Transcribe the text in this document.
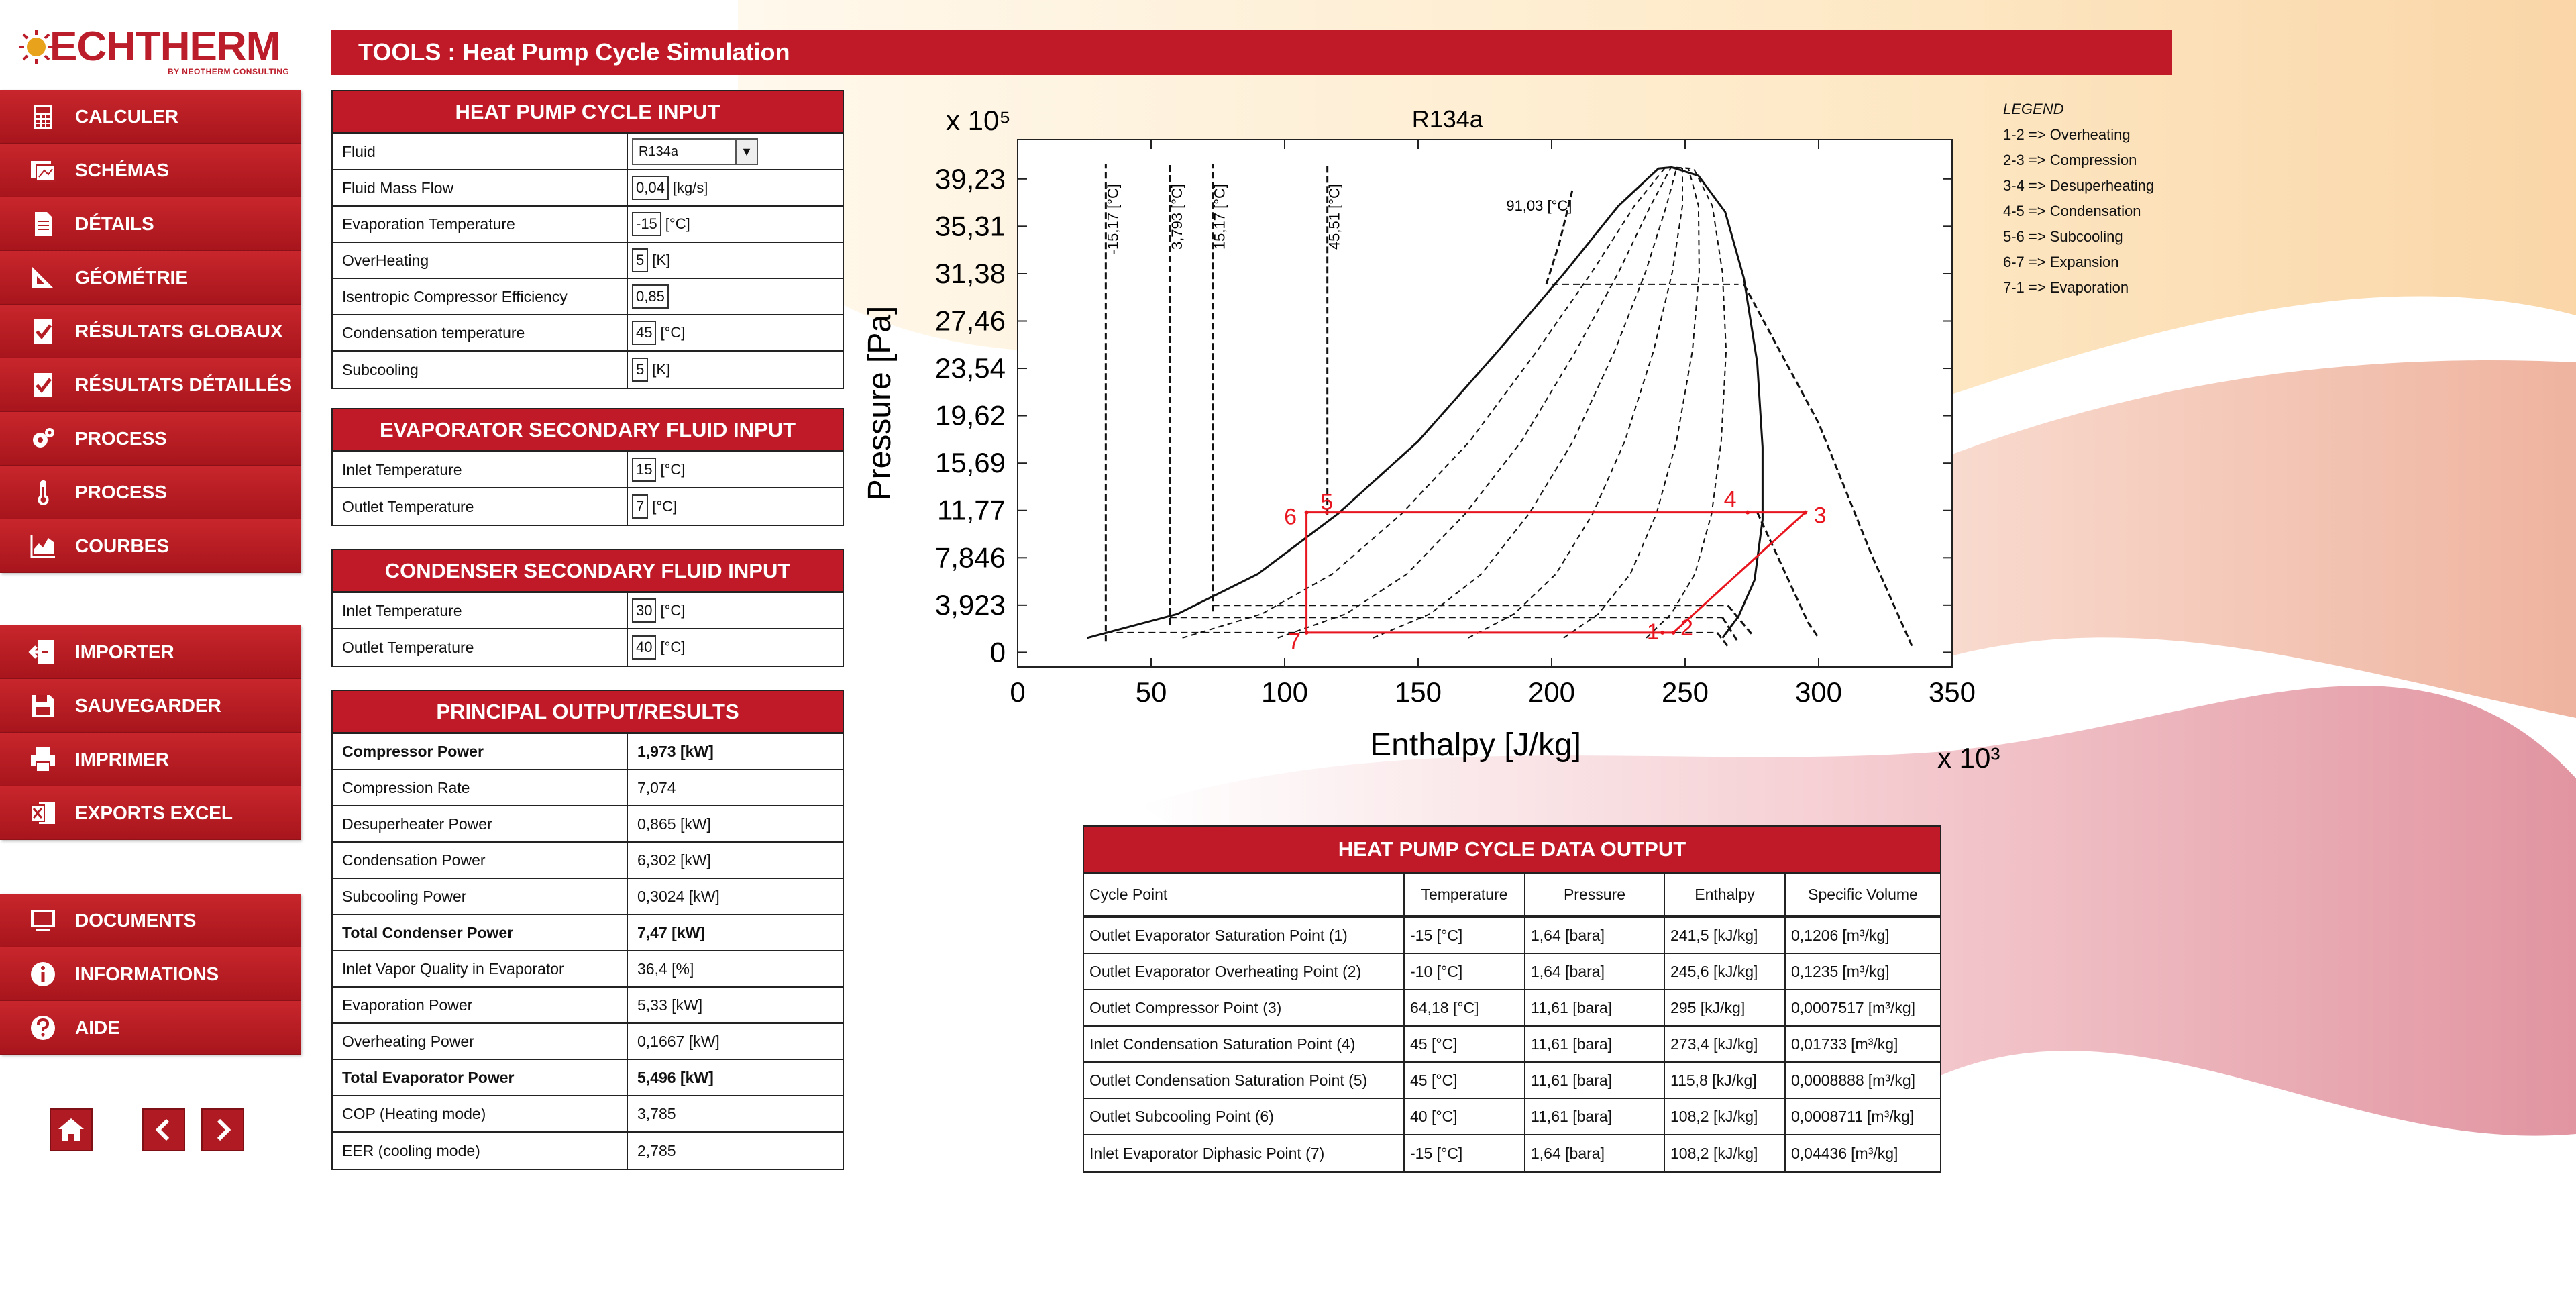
ECHTHERM
BY NEOTHERM CONSULTING
CALCULER
SCHÉMAS
DÉTAILS
GÉOMÉTRIE
RÉSULTATS GLOBAUX
RÉSULTATS DÉTAILLÉS
PROCESS
PROCESS
COURBES
IMPORTER
SAUVEGARDER
IMPRIMER
EXPORTS EXCEL
DOCUMENTS
INFORMATIONS
AIDE
TOOLS : Heat Pump Cycle Simulation
HEAT PUMP CYCLE INPUT
Fluid	R134a	▼
Fluid Mass Flow	0,04 [kg/s]
Evaporation Temperature	-15 [°C]
OverHeating	5 [K]
Isentropic Compressor Efficiency	0,85
Condensation temperature	45 [°C]
Subcooling	5 [K]
EVAPORATOR SECONDARY FLUID INPUT
Inlet Temperature	15 [°C]
Outlet Temperature	7 [°C]
CONDENSER SECONDARY FLUID INPUT
Inlet Temperature	30 [°C]
Outlet Temperature	40 [°C]
PRINCIPAL OUTPUT/RESULTS
Compressor Power	1,973 [kW]
Compression Rate	7,074
Desuperheater Power	0,865 [kW]
Condensation Power	6,302 [kW]
Subcooling Power	0,3024 [kW]
Total Condenser Power	7,47 [kW]
Inlet Vapor Quality in Evaporator	36,4 [%]
Evaporation Power	5,33 [kW]
Overheating Power	0,1667 [kW]
Total Evaporator Power	5,496 [kW]
COP (Heating mode)	3,785
EER (cooling mode)	2,785
0	50	100	150	200	250	300	350
0
3,923
7,846
11,77
15,69
19,62
23,54
27,46
31,38
35,31
39,23
R134a
Enthalpy [J/kg]
Pressure [Pa]
x 10⁵
x 10³
-15,17 [°C]	3,793 [°C] 15,17 [°C]	45,51 [°C]	91,03 [°C]
1 2
3
4
5
6
7
LEGEND
1-2 => Overheating
2-3 => Compression
3-4 => Desuperheating
4-5 => Condensation
5-6 => Subcooling
6-7 => Expansion
7-1 => Evaporation
HEAT PUMP CYCLE DATA OUTPUT
Cycle Point	Temperature	Pressure	Enthalpy	Specific Volume
Outlet Evaporator Saturation Point (1)	-15 [°C]	1,64 [bara]	241,5 [kJ/kg] 0,1206 [m³/kg]
Outlet Evaporator Overheating Point (2)	-10 [°C]	1,64 [bara]	245,6 [kJ/kg] 0,1235 [m³/kg]
Outlet Compressor Point (3)	64,18 [°C]	11,61 [bara]	295 [kJ/kg]	0,0007517 [m³/kg]
Inlet Condensation Saturation Point (4)	45 [°C]	11,61 [bara]	273,4 [kJ/kg] 0,01733 [m³/kg]
Outlet Condensation Saturation Point (5)	45 [°C]	11,61 [bara]	115,8 [kJ/kg] 0,0008888 [m³/kg]
Outlet Subcooling Point (6)	40 [°C]	11,61 [bara]	108,2 [kJ/kg] 0,0008711 [m³/kg]
Inlet Evaporator Diphasic Point (7)	-15 [°C]	1,64 [bara]	108,2 [kJ/kg] 0,04436 [m³/kg]
